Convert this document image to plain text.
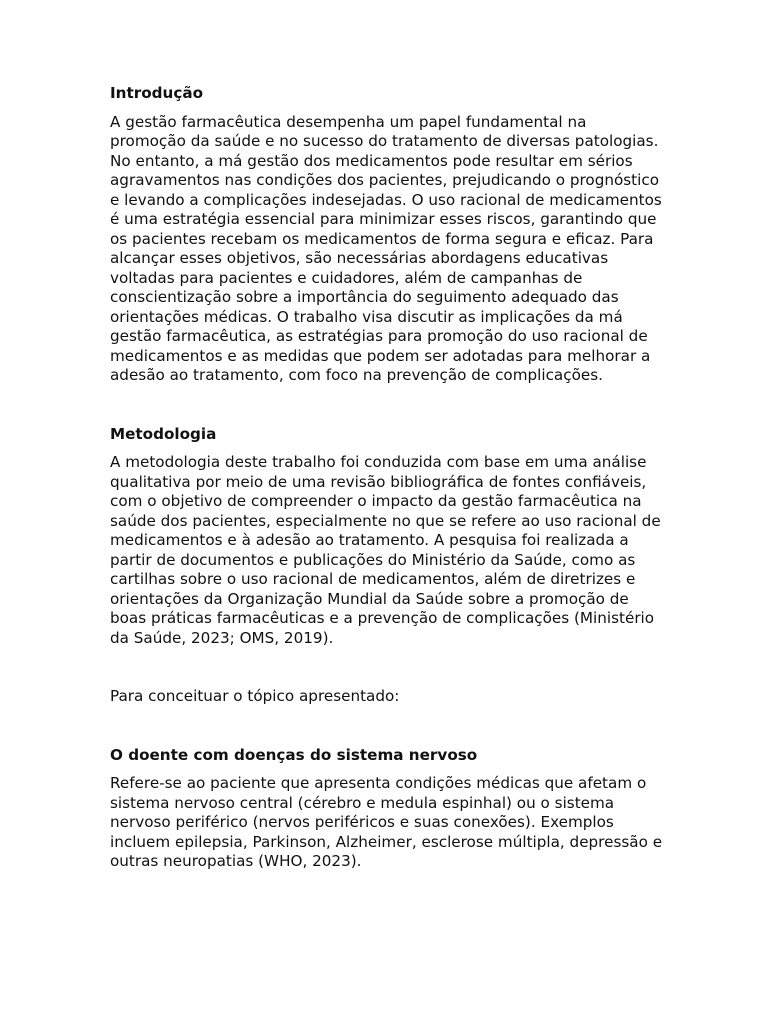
Introdução

A gestão farmacêutica desempenha um papel fundamental na promoção da saúde e no sucesso do tratamento de diversas patologias. No entanto, a má gestão dos medicamentos pode resultar em sérios agravamentos nas condições dos pacientes, prejudicando o prognóstico e levando a complicações indesejadas. O uso racional de medicamentos é uma estratégia essencial para minimizar esses riscos, garantindo que os pacientes recebam os medicamentos de forma segura e eficaz. Para alcançar esses objetivos, são necessárias abordagens educativas voltadas para pacientes e cuidadores, além de campanhas de conscientização sobre a importância do seguimento adequado das orientações médicas. O trabalho visa discutir as implicações da má gestão farmacêutica, as estratégias para promoção do uso racional de medicamentos e as medidas que podem ser adotadas para melhorar a adesão ao tratamento, com foco na prevenção de complicações.

Metodologia

A metodologia deste trabalho foi conduzida com base em uma análise qualitativa por meio de uma revisão bibliográfica de fontes confiáveis, com o objetivo de compreender o impacto da gestão farmacêutica na saúde dos pacientes, especialmente no que se refere ao uso racional de medicamentos e à adesão ao tratamento. A pesquisa foi realizada a partir de documentos e publicações do Ministério da Saúde, como as cartilhas sobre o uso racional de medicamentos, além de diretrizes e orientações da Organização Mundial da Saúde sobre a promoção de boas práticas farmacêuticas e a prevenção de complicações (Ministério da Saúde, 2023; OMS, 2019).

Para conceituar o tópico apresentado:

O doente com doenças do sistema nervoso

Refere-se ao paciente que apresenta condições médicas que afetam o sistema nervoso central (cérebro e medula espinhal) ou o sistema nervoso periférico (nervos periféricos e suas conexões). Exemplos incluem epilepsia, Parkinson, Alzheimer, esclerose múltipla, depressão e outras neuropatias (WHO, 2023).
